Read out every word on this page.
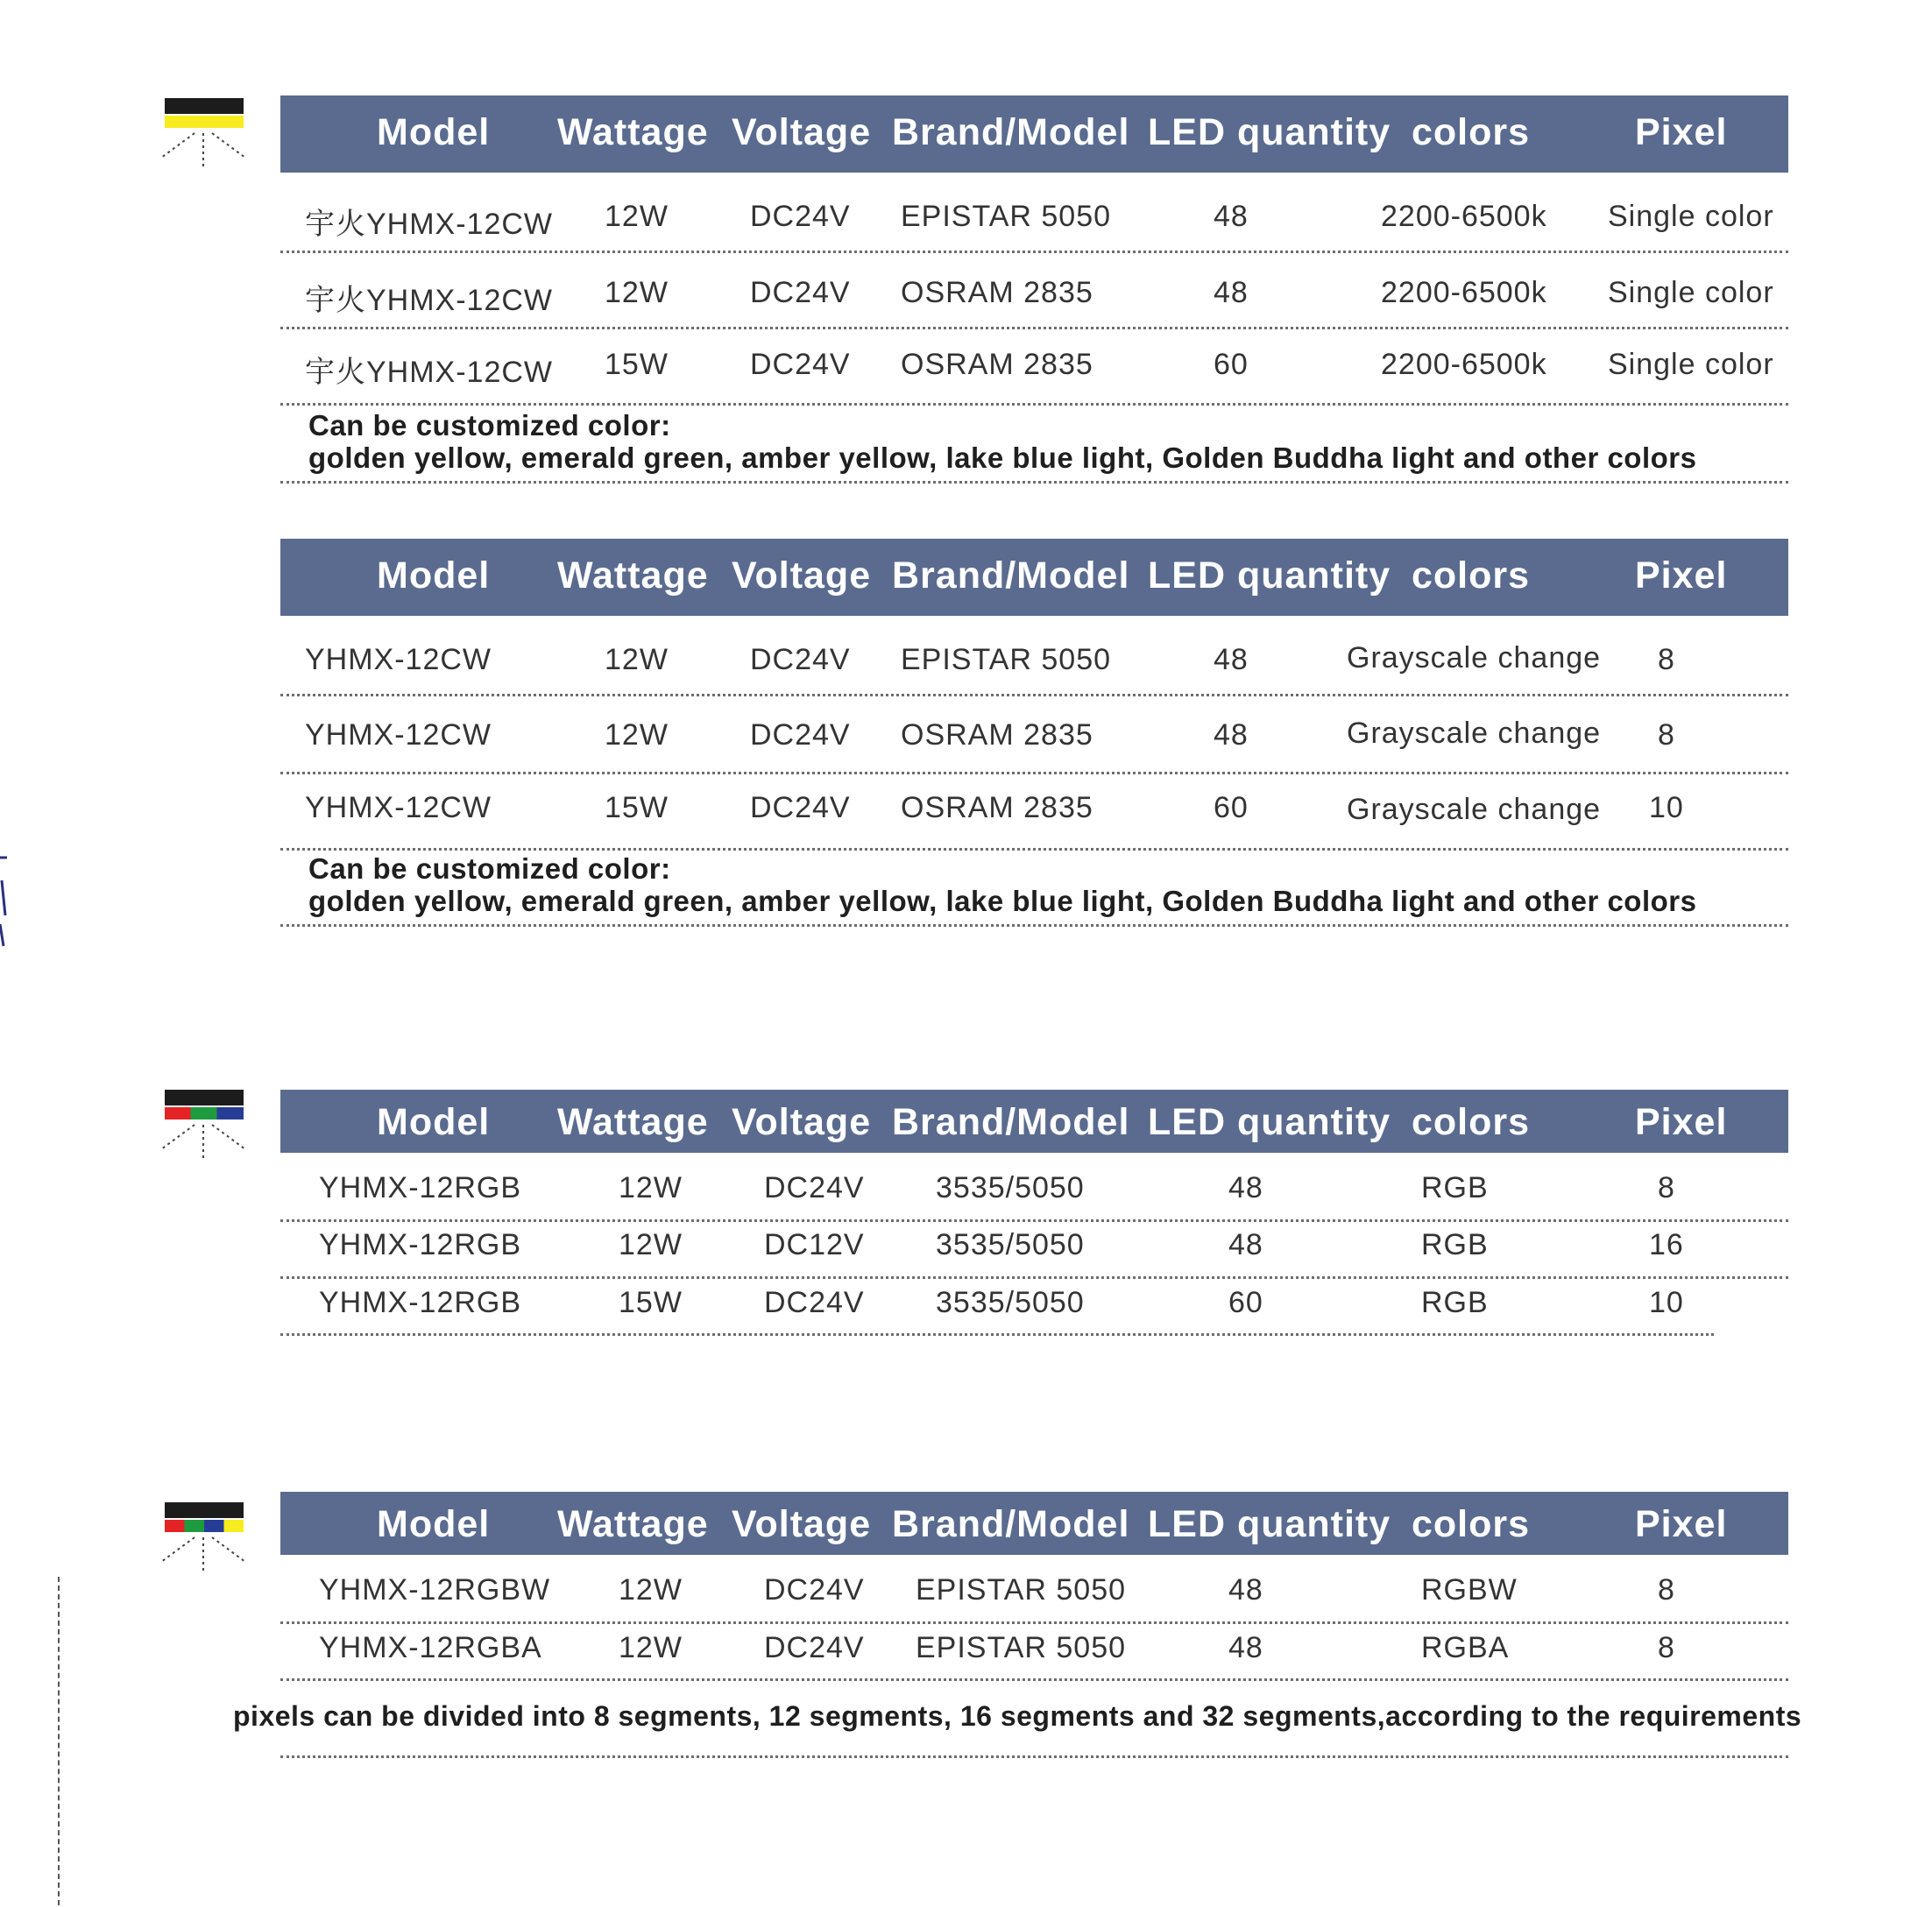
Model Wattage Voltage Brand/Model LED quantity colors	Pixel
宇火YHMX-12CW 12W	DC24V EPISTAR 5050	48	2200-6500k Single color
宇火YHMX-12CW 12W	DC24V OSRAM 2835	48	2200-6500k Single color
宇火YHMX-12CW 15W	DC24V OSRAM 2835	60	2200-6500k Single color
Can be customized color:
golden yellow, emerald green, amber yellow, lake blue light, Golden Buddha light and other colors
Model Wattage Voltage Brand/Model LED quantity colors	Pixel
YHMX-12CW	12W	DC24V EPISTAR 5050	48	Grayscale change 8
YHMX-12CW	12W	DC24V OSRAM 2835	48	Grayscale change 8
YHMX-12CW	15W	DC24V OSRAM 2835	60	Grayscale change 10
Can be customized color:
golden yellow, emerald green, amber yellow, lake blue light, Golden Buddha light and other colors
Model Wattage Voltage Brand/Model LED quantity colors	Pixel
YHMX-12RGB	12W	DC24V 3535/5050	48	RGB	8
YHMX-12RGB	12W	DC12V 3535/5050	48	RGB	16
YHMX-12RGB	15W	DC24V 3535/5050	60	RGB	10
Model Wattage Voltage Brand/Model LED quantity colors	Pixel
YHMX-12RGBW 12W	DC24V EPISTAR 5050	48	RGBW	8
YHMX-12RGBA	12W	DC24V EPISTAR 5050	48	RGBA	8
pixels can be divided into 8 segments, 12 segments, 16 segments and 32 segments,according to the requirements
